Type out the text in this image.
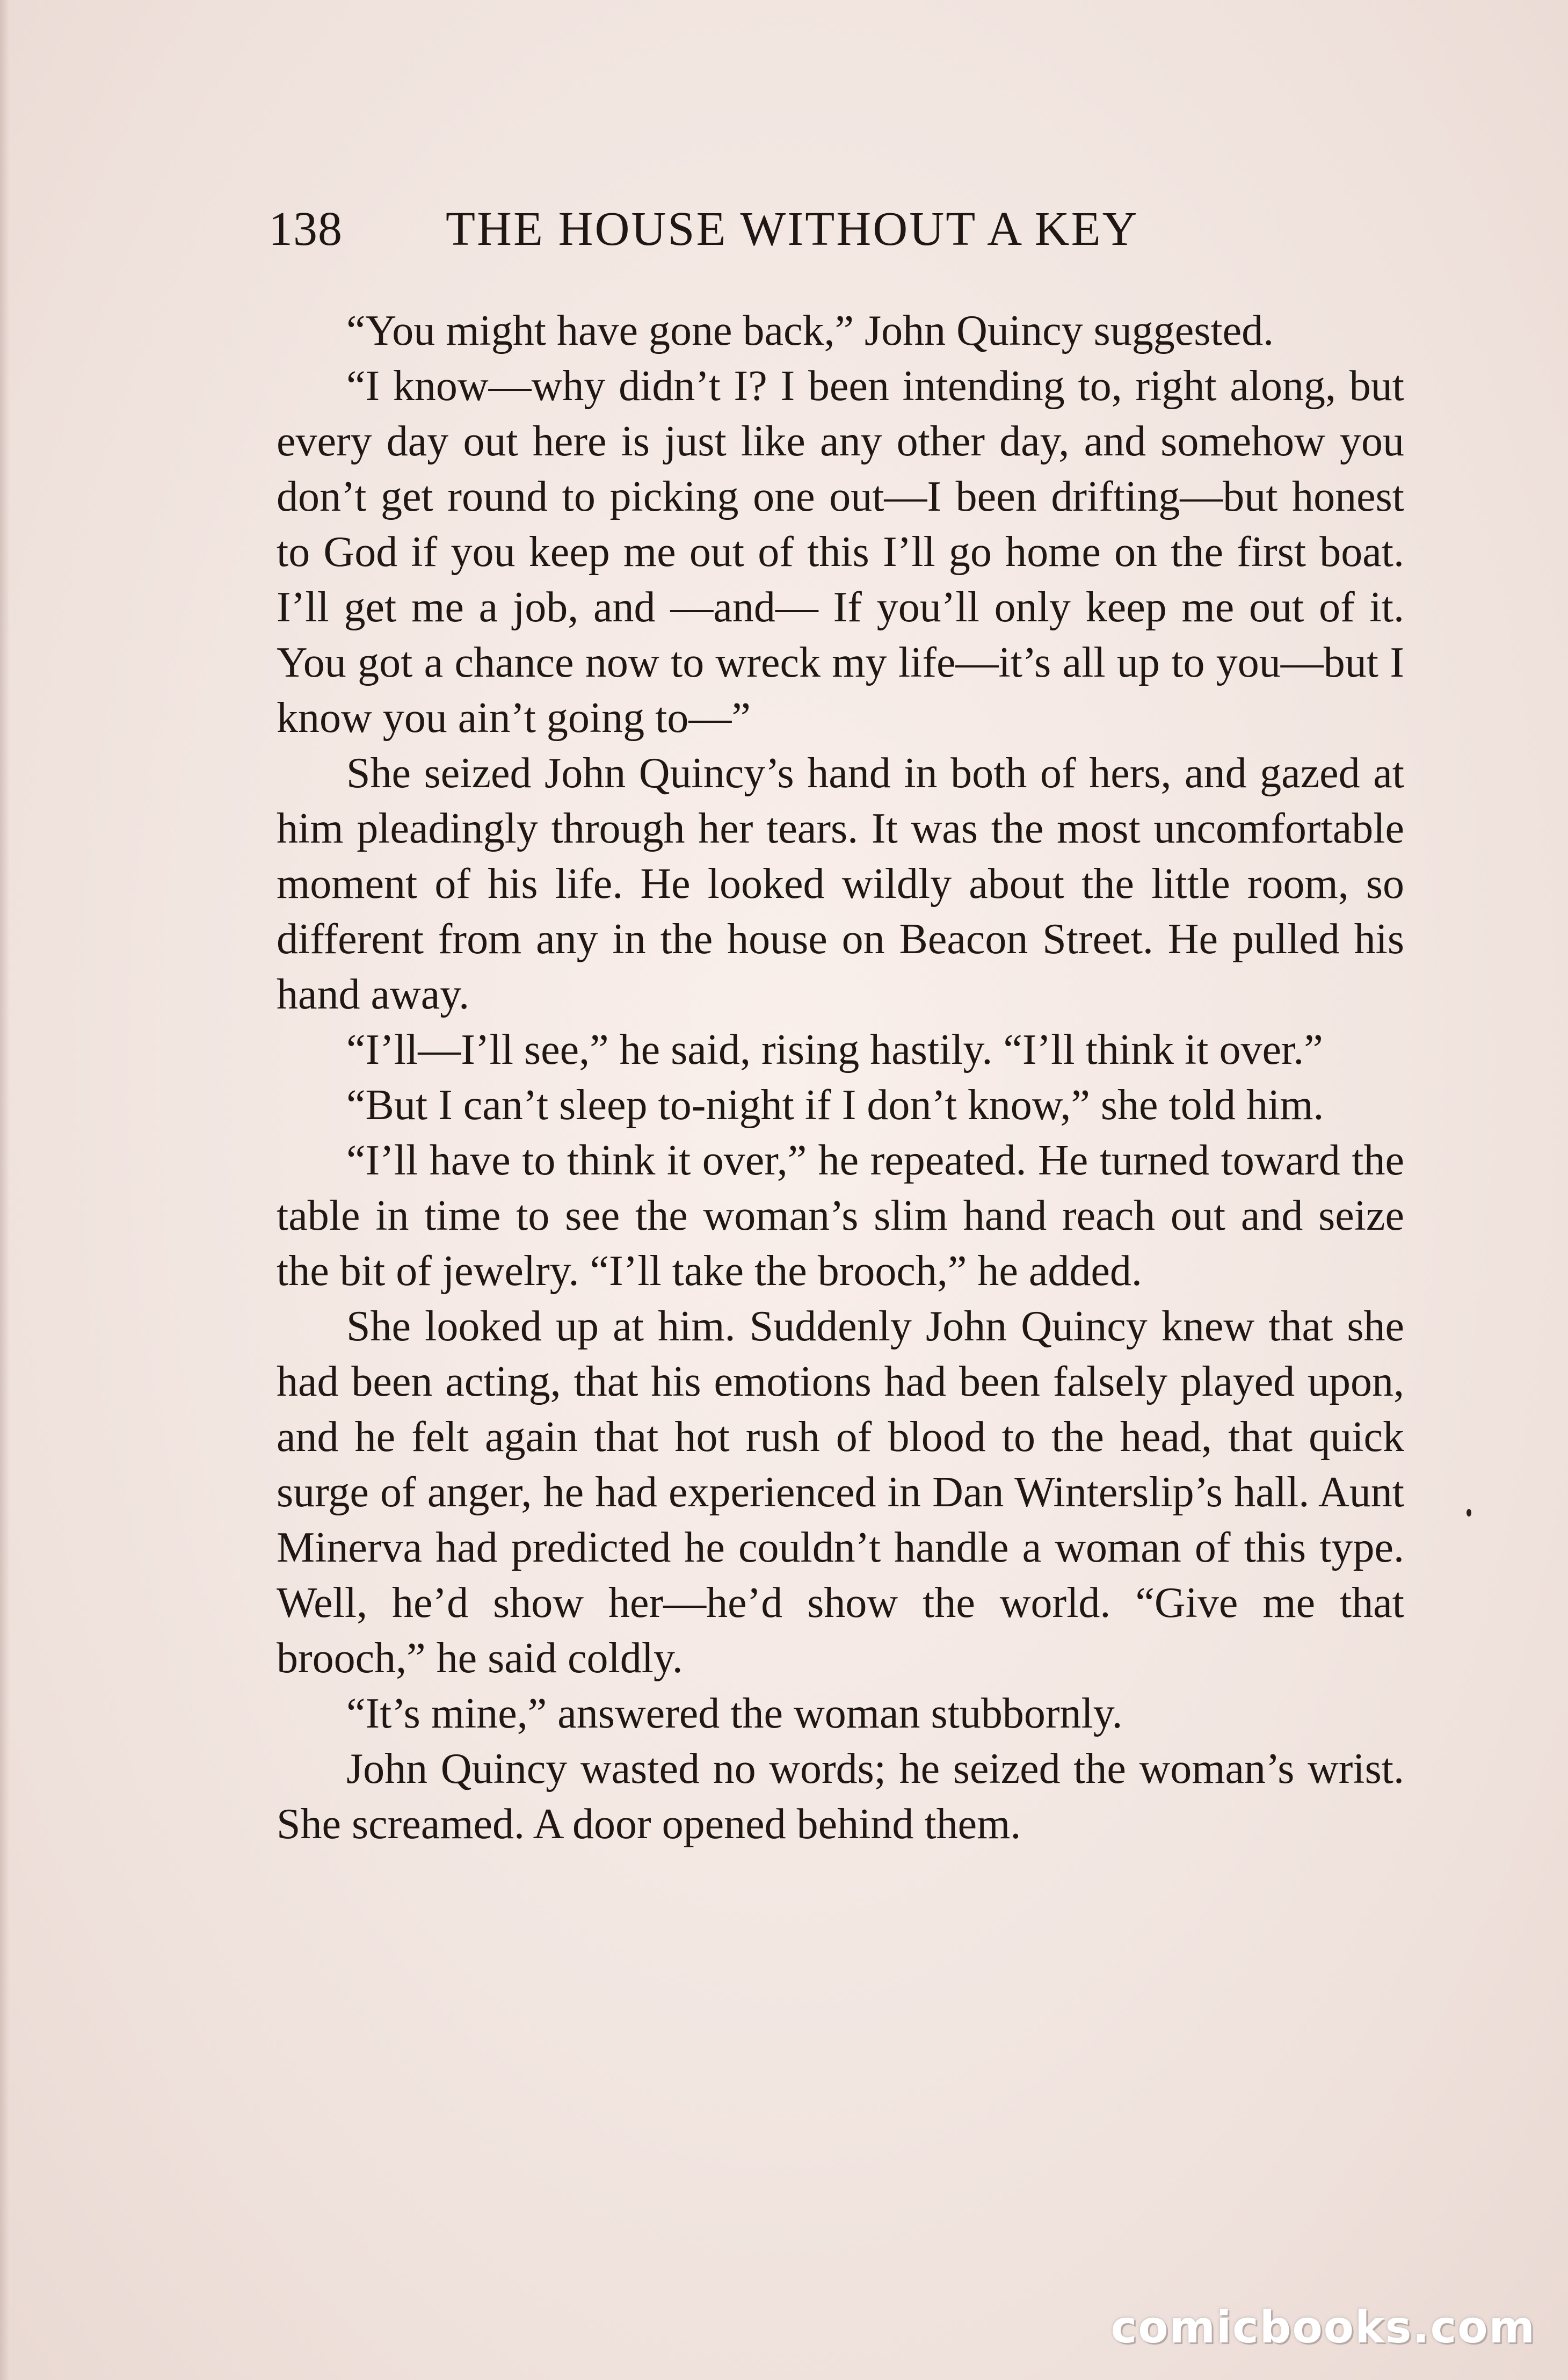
138 THE HOUSE WITHOUT A KEY

“You might have gone back,” John Quincy suggested.

“I know—why didn’t I? I been intending to, right along, but every day out here is just like any other day, and somehow you don’t get round to picking one out—I been drifting—but honest to God if you keep me out of this I’ll go home on the first boat. I’ll get me a job, and —and— If you’ll only keep me out of it. You got a chance now to wreck my life—it’s all up to you—but I know you ain’t going to—”

She seized John Quincy’s hand in both of hers, and gazed at him pleadingly through her tears. It was the most uncomfortable moment of his life. He looked wildly about the little room, so different from any in the house on Beacon Street. He pulled his hand away.

“I’ll—I’ll see,” he said, rising hastily. “I’ll think it over.”

“But I can’t sleep to-night if I don’t know,” she told him.

“I’ll have to think it over,” he repeated. He turned toward the table in time to see the woman’s slim hand reach out and seize the bit of jewelry. “I’ll take the brooch,” he added.

She looked up at him. Suddenly John Quincy knew that she had been acting, that his emotions had been falsely played upon, and he felt again that hot rush of blood to the head, that quick surge of anger, he had experienced in Dan Winterslip’s hall. Aunt Minerva had predicted he couldn’t handle a woman of this type. Well, he’d show her—he’d show the world. “Give me that brooch,” he said coldly.

“It’s mine,” answered the woman stubbornly.

John Quincy wasted no words; he seized the woman’s wrist. She screamed. A door opened behind them.

comicbooks.com
